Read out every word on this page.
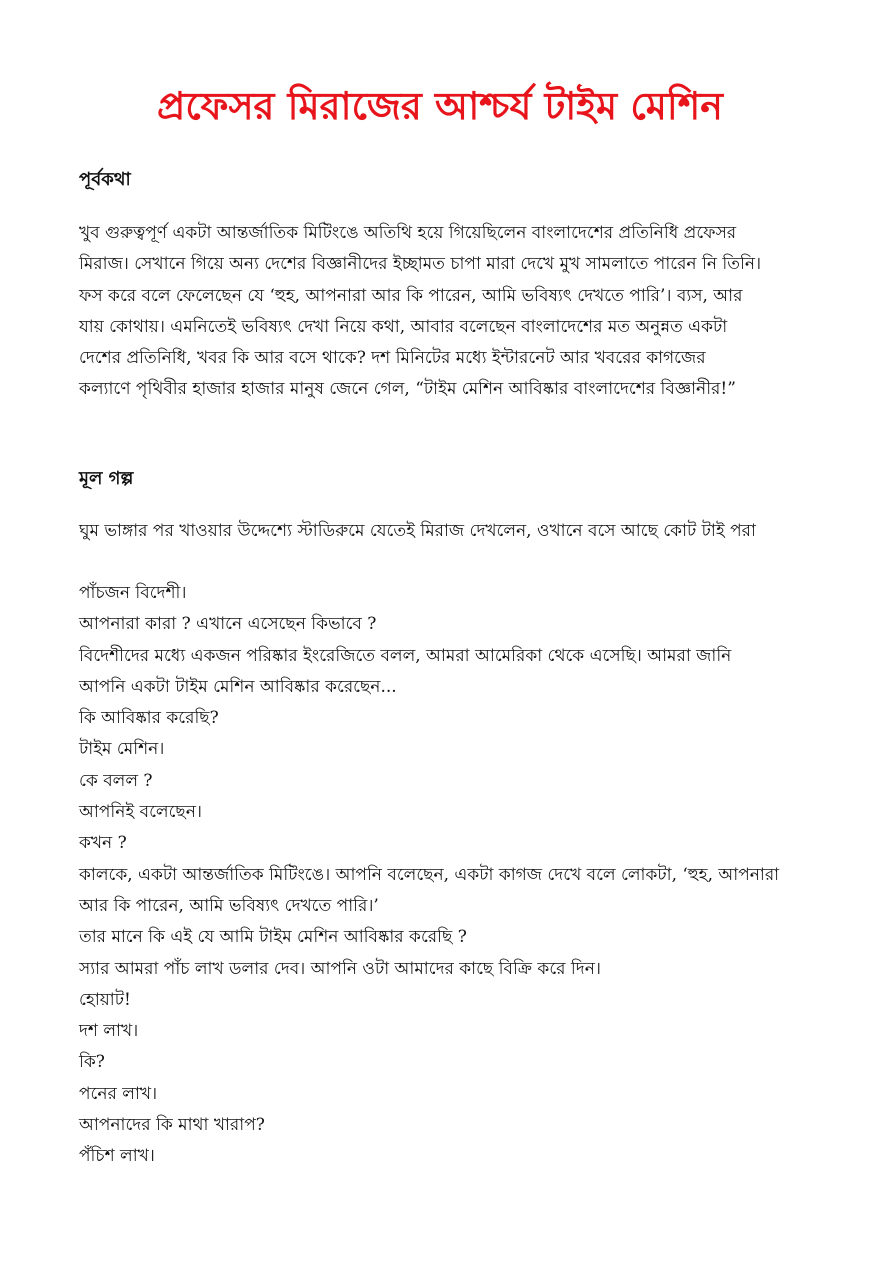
প্রফেসর মিরাজের আশ্চর্য টাইম মেশিন
পূর্বকথা

খুব গুরুত্বপূর্ণ একটা আন্তর্জাতিক মিটিংঙে অতিথি হয়ে গিয়েছিলেন বাংলাদেশের প্রতিনিধি প্রফেসর
মিরাজ। সেখানে গিয়ে অন্য দেশের বিজ্ঞানীদের ইচ্ছামত চাপা মারা দেখে মুখ সামলাতে পারেন নি তিনি।
ফস করে বলে ফেলেছেন যে ‘হুহ, আপনারা আর কি পারেন, আমি ভবিষ্যৎ দেখতে পারি’। ব্যস, আর
যায় কোথায়। এমনিতেই ভবিষ্যৎ দেখা নিয়ে কথা, আবার বলেছেন বাংলাদেশের মত অনুন্নত একটা
দেশের প্রতিনিধি, খবর কি আর বসে থাকে? দশ মিনিটের মধ্যে ইন্টারনেট আর খবরের কাগজের
কল্যাণে পৃথিবীর হাজার হাজার মানুষ জেনে গেল, “টাইম মেশিন আবিষ্কার বাংলাদেশের বিজ্ঞানীর!”

মূল গল্প

ঘুম ভাঙ্গার পর খাওয়ার উদ্দেশ্যে স্টাডিরুমে যেতেই মিরাজ দেখলেন, ওখানে বসে আছে কোট টাই পরা

পাঁচজন বিদেশী।
আপনারা কারা ? এখানে এসেছেন কিভাবে ?
বিদেশীদের মধ্যে একজন পরিষ্কার ইংরেজিতে বলল, আমরা আমেরিকা থেকে এসেছি। আমরা জানি
আপনি একটা টাইম মেশিন আবিষ্কার করেছেন...
কি আবিষ্কার করেছি?
টাইম মেশিন।
কে বলল ?
আপনিই বলেছেন।
কখন ?
কালকে, একটা আন্তর্জাতিক মিটিংঙে। আপনি বলেছেন, একটা কাগজ দেখে বলে লোকটা, ‘হুহ, আপনারা
আর কি পারেন, আমি ভবিষ্যৎ দেখতে পারি।’
তার মানে কি এই যে আমি টাইম মেশিন আবিষ্কার করেছি ?
স্যার আমরা পাঁচ লাখ ডলার দেব। আপনি ওটা আমাদের কাছে বিক্রি করে দিন।
হোয়াট!
দশ লাখ।
কি?
পনের লাখ।
আপনাদের কি মাথা খারাপ?
পঁচিশ লাখ।
